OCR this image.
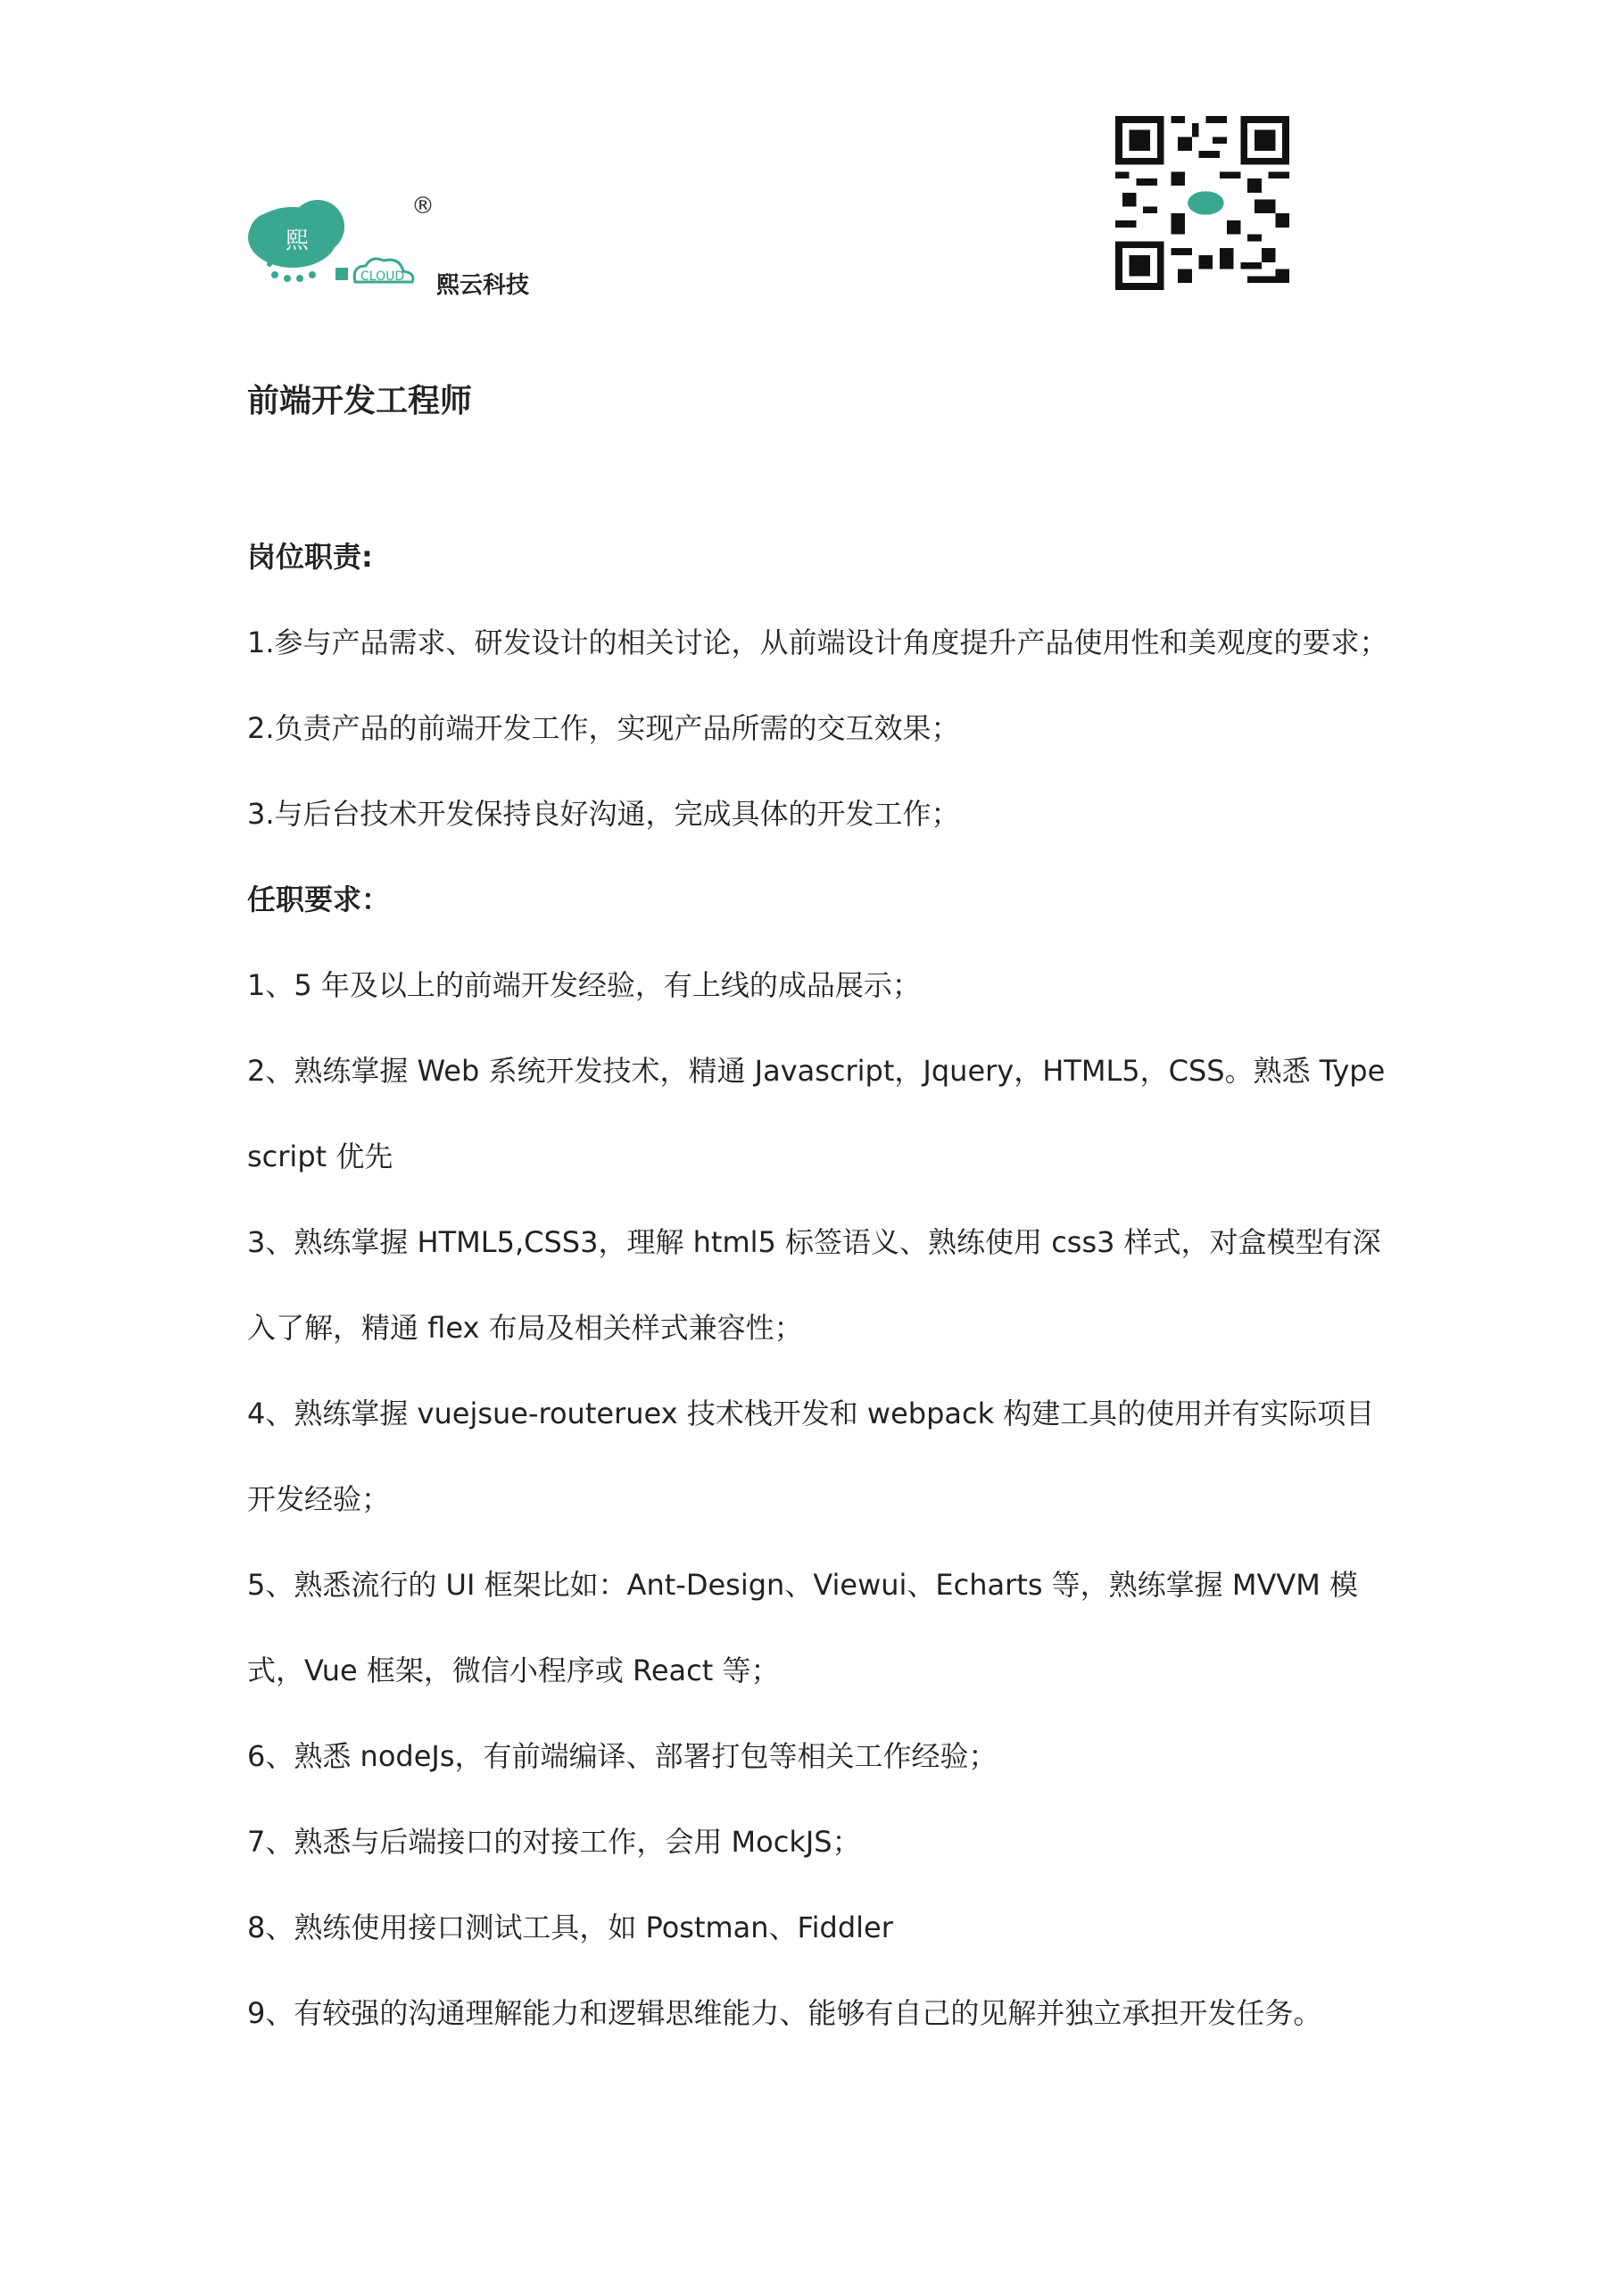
熙
CLOUD
®
熙云科技

前端开发工程师

岗位职责:

1.参与产品需求、研发设计的相关讨论，从前端设计角度提升产品使用性和美观度的要求；

2.负责产品的前端开发工作，实现产品所需的交互效果；

3.与后台技术开发保持良好沟通，完成具体的开发工作；

任职要求：

1、5 年及以上的前端开发经验，有上线的成品展示；

2、熟练掌握 Web 系统开发技术，精通 Javascript，Jquery，HTML5，CSS。熟悉 Typescript 优先

3、熟练掌握 HTML5,CSS3，理解 html5 标签语义、熟练使用 css3 样式，对盒模型有深入了解，精通 flex 布局及相关样式兼容性；

4、熟练掌握 vuejsue-routeruex 技术栈开发和 webpack 构建工具的使用并有实际项目开发经验；

5、熟悉流行的 UI 框架比如：Ant-Design、Viewui、Echarts 等，熟练掌握 MVVM 模式，Vue 框架，微信小程序或 React 等；

6、熟悉 nodeJs，有前端编译、部署打包等相关工作经验；

7、熟悉与后端接口的对接工作，会用 MockJS；

8、熟练使用接口测试工具，如 Postman、Fiddler

9、有较强的沟通理解能力和逻辑思维能力、能够有自己的见解并独立承担开发任务。
